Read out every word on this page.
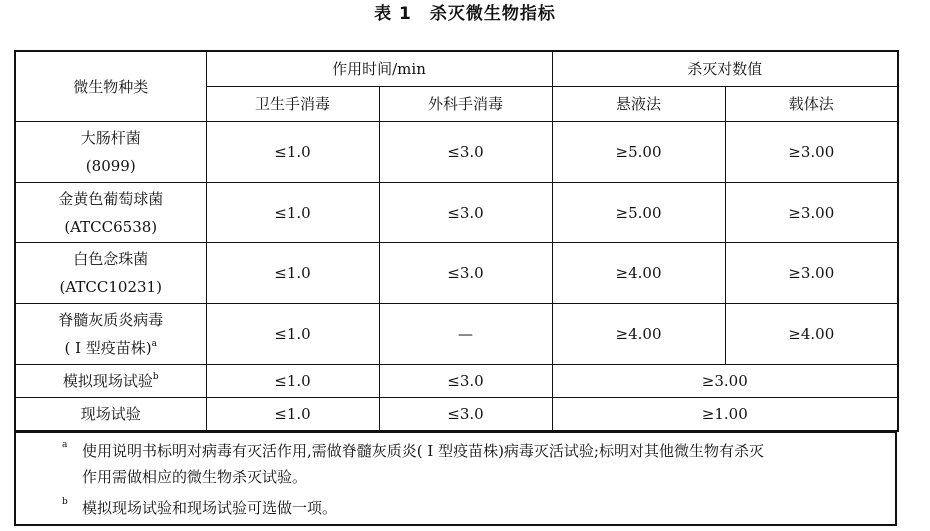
表 1 杀灭微生物指标
微生物种类	作用时间/min		杀灭对数值	
	卫生手消毒	外科手消毒	悬液法	载体法

大肠杆菌
(8099)	≤1.0	≤3.0	≥5.00	≥3.00

金黄色葡萄球菌
(ATCC6538)	≤1.0	≤3.0	≥5.00	≥3.00

白色念珠菌
(ATCC10231)	≤1.0	≤3.0	≥4.00	≥3.00

脊髓灰质炎病毒
( Ⅰ 型疫苗株)$^a$	≤1.0	—	≥4.00	≥4.00
模拟现场试验$^b$	≤1.0	≤3.0	≥3.00	
现场试验	≤1.0	≤3.0	≥1.00	
a 使用说明书标明对病毒有灭活作用,需做脊髓灰质炎( Ⅰ 型疫苗株)病毒灭活试验;标明对其他微生物有杀灭
作用需做相应的微生物杀灭试验。
b 模拟现场试验和现场试验可选做一项。
